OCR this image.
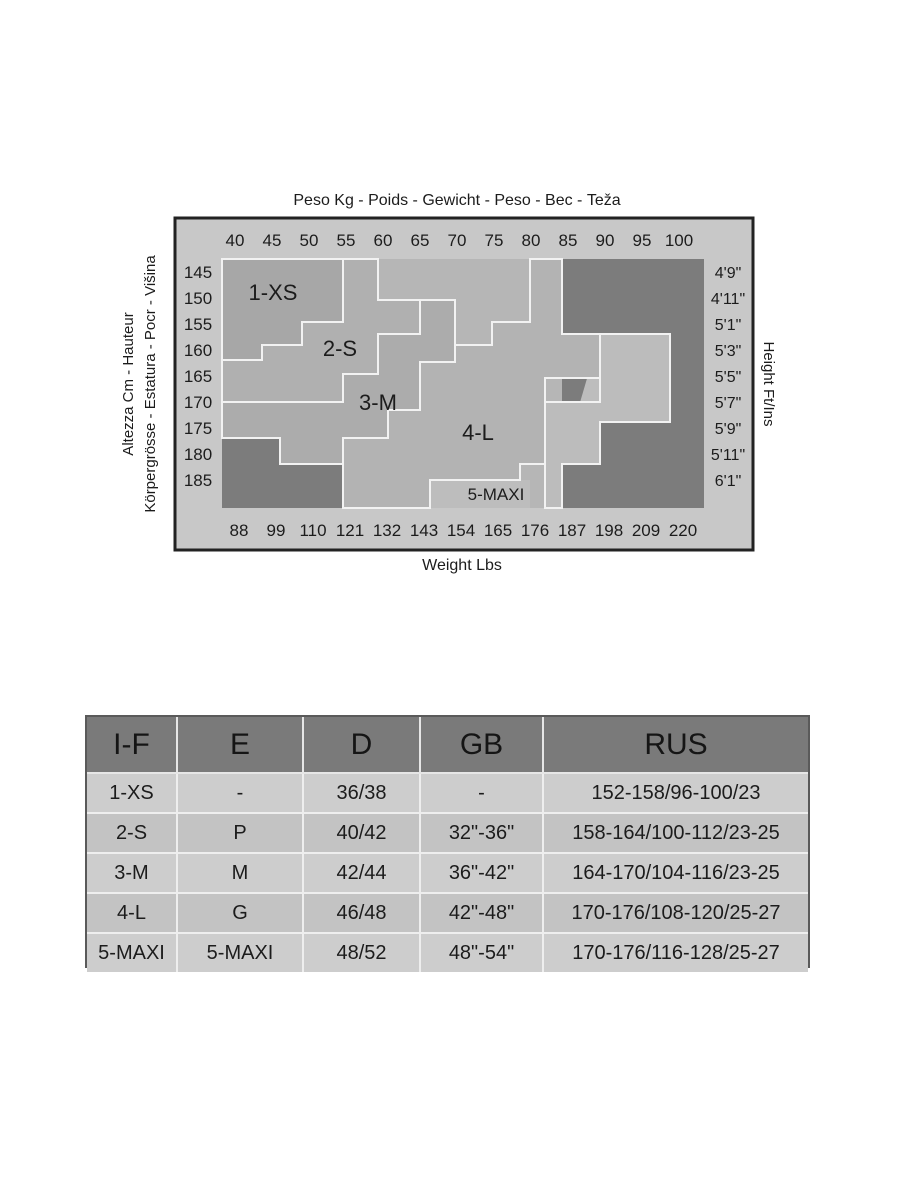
Peso Kg - Poids - Gewicht - Peso - Вес - Teža
1-XS
2-S
3-M
4-L
5-MAXI
40 45 50 55 60 65 70 75 80 85 90 95 100
88 99 110 121 132 143 154 165 176 187 198 209 220
145
150
155
160
165
170
175
180
185
4'9"
4'11"
5'1"
5'3"
5'5"
5'7"
5'9"
5'11"
6'1"
Weight Lbs
Altezza Cm - Hauteur Körpergrösse - Estatura - Poсr - Višina	Height Ft/Ins
I-F	E	D	GB	RUS
1-XS	-	36/38	-	152-158/96-100/23
2-S	P	40/42	32"-36"	158-164/100-112/23-25
3-M	M	42/44	36"-42"	164-170/104-116/23-25
4-L	G	46/48	42"-48"	170-176/108-120/25-27
5-MAXI	5-MAXI	48/52	48"-54"	170-176/116-128/25-27
